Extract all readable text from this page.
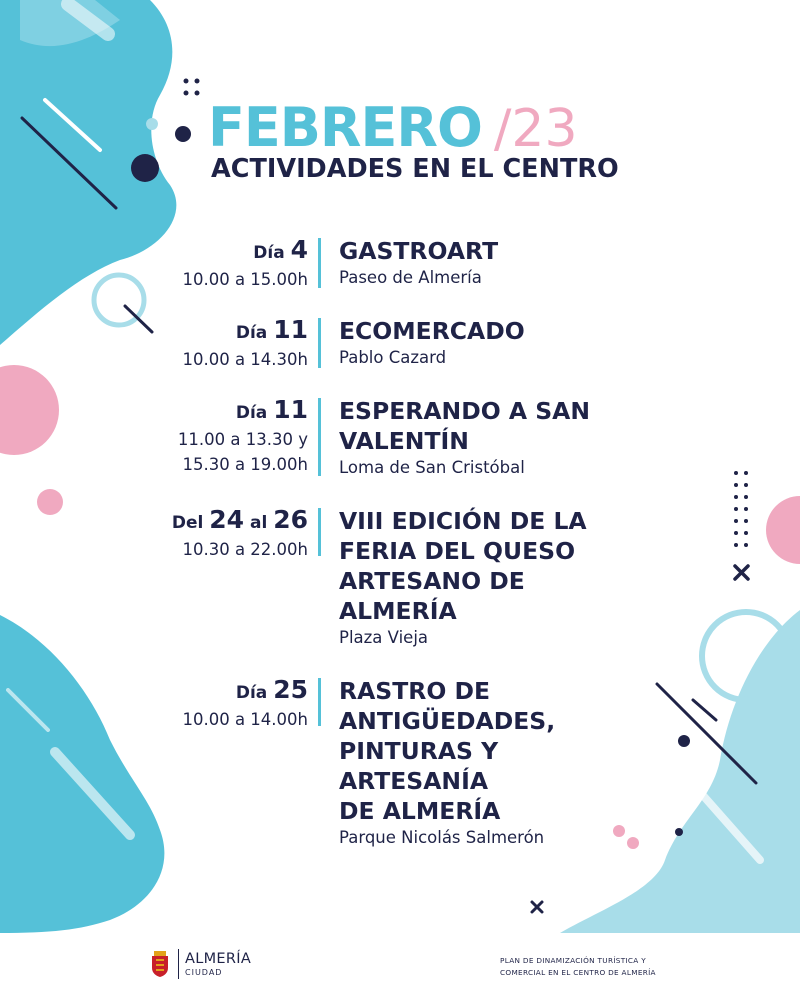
FEBRERO /23
ACTIVIDADES EN EL CENTRO
Día 4
10.00 a 15.00h
GASTROART
Paseo de Almería
Día 11
10.00 a 14.30h
ECOMERCADO
Pablo Cazard
Día 11
11.00 a 13.30 y
15.30 a 19.00h
ESPERANDO A SAN
VALENTÍN
Loma de San Cristóbal
Del 24 al 26
10.30 a 22.00h
VIII EDICIÓN DE LA
FERIA DEL QUESO
ARTESANO DE
ALMERÍA
Plaza Vieja
Día 25
10.00 a 14.00h
RASTRO DE
ANTIGÜEDADES,
PINTURAS Y
ARTESANÍA
DE ALMERÍA
Parque Nicolás Salmerón
ALMERÍA
CIUDAD
PLAN DE DINAMIZACIÓN TURÍSTICA Y
COMERCIAL EN EL CENTRO DE ALMERÍA
